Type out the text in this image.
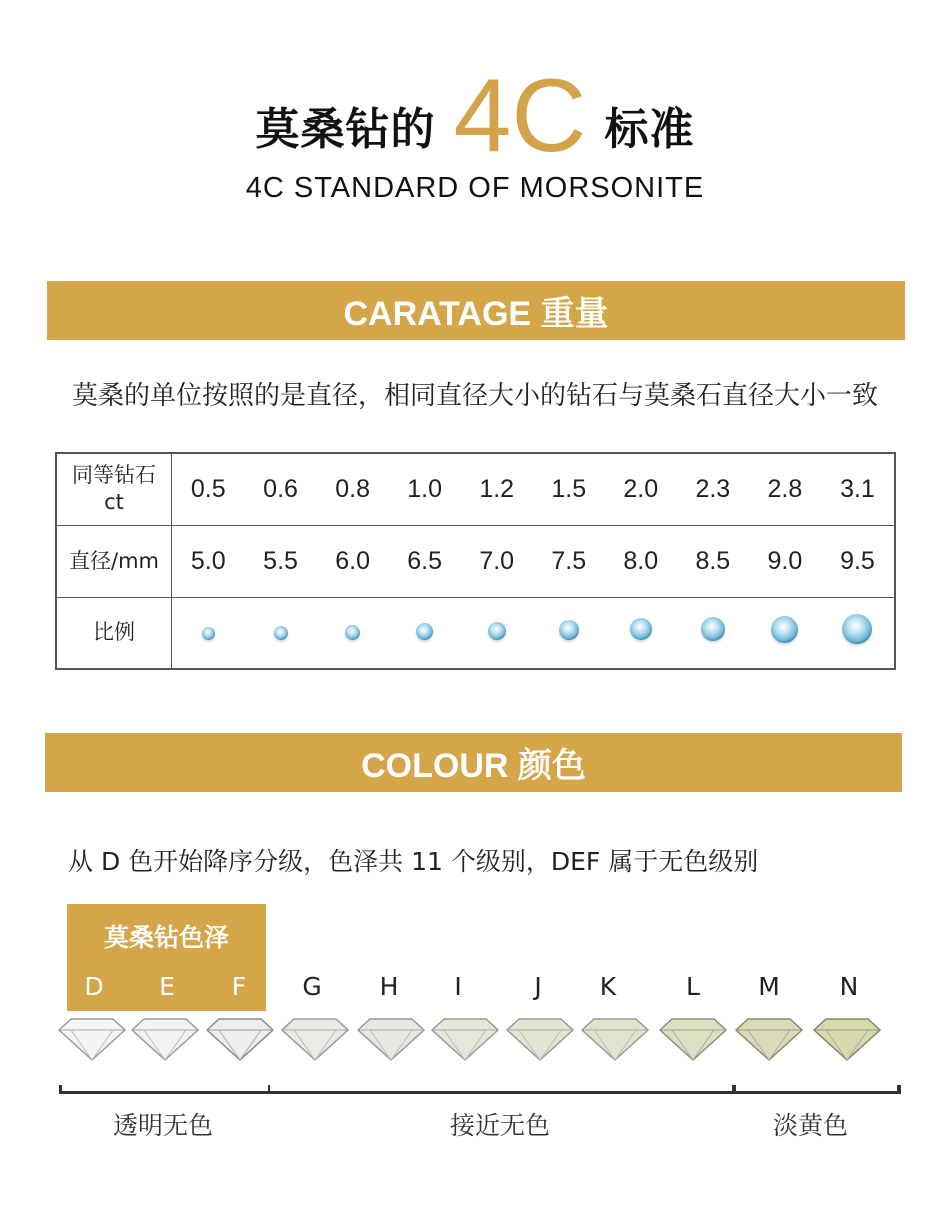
莫桑钻的 4C 标准
4C STANDARD OF MORSONITE
CARATAGE 重量
莫桑的单位按照的是直径，相同直径大小的钻石与莫桑石直径大小一致
同等钻石
ct	0.5	0.6	0.8	1.0	1.2	1.5	2.0	2.3	2.8	3.1
直径/mm	5.0	5.5	6.0	6.5	7.0	7.5	8.0	8.5	9.0	9.5
比例										
COLOUR 颜色
从 D 色开始降序分级，色泽共 11 个级别，DEF 属于无色级别
莫桑钻色泽
D	E	F	G	H	I	J	K	L	M	N
透明无色	接近无色	淡黄色
